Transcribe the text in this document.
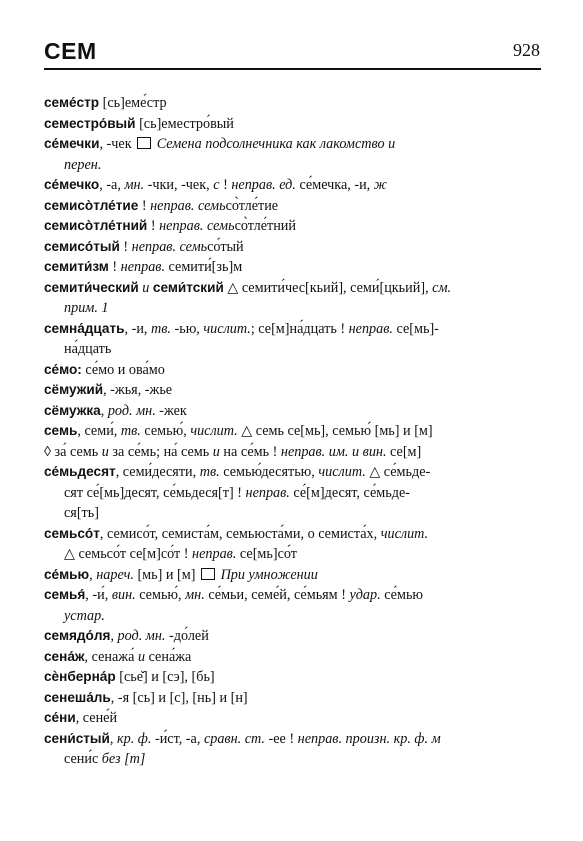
СЕМ	928
семе́стр [сь]еме́стр
семестро́вый [сь]еместро́вый
се́мечки, -чек Семена подсолнечника как лакомство и
перен.
се́мечко, -а, мн. -чки, -чек, с ! неправ. ед. се́мечка, -и, ж
семисо̀тле́тие ! неправ. семьсо̀тле́тие
семисо̀тле́тний ! неправ. семьсо̀тле́тний
семисо́тый ! неправ. семьсо́тый
семити́зм ! неправ. семити́[зь]м
семити́ческий и семи́тский △ семити́чес[кьий], семи́[цкьий], см.
прим. 1
семна́дцать, -и, тв. -ью, числит.; се[м]на́дцать ! неправ. се[мь]-
на́дцать
се́мо: се́мо и ова́мо
сёмужий, -жья, -жье
сёмужка, род. мн. -жек
семь, семи́, тв. семью́, числит. △ семь се[мь], семью́ [мь] и [м]
◊ за́ семь и за се́мь; на́ семь и на се́мь ! неправ. им. и вин. се[м]
се́мьдесят, семи́десяти, тв. семью́десятью, числит. △ се́мьде-
сят се́[мь]десят, се́мьдеся[т] ! неправ. се́[м]десят, се́мьде-
ся[ть]
семьсо́т, семисо́т, семиста́м, семьюста́ми, о семиста́х, числит.
△ семьсо́т се[м]со́т ! неправ. се[мь]со́т
се́мью, нареч. [мь] и [м]  При умножении
семья́, -и́, вин. семью́, мн. се́мьи, семе́й, се́мьям ! удар. се́мью
устар.
семядо́ля, род. мн. -до́лей
сена́ж, сенажа́ и сена́жа
сѐнберна́р [сье̌] и [сэ], [бь]
сенеша́ль, -я [сь] и [с], [нь] и [н]
се́ни, сене́й
сени́стый, кр. ф. -и́ст, -а, сравн. ст. -ее ! неправ. произн. кр. ф. м
сени́с без [т]
